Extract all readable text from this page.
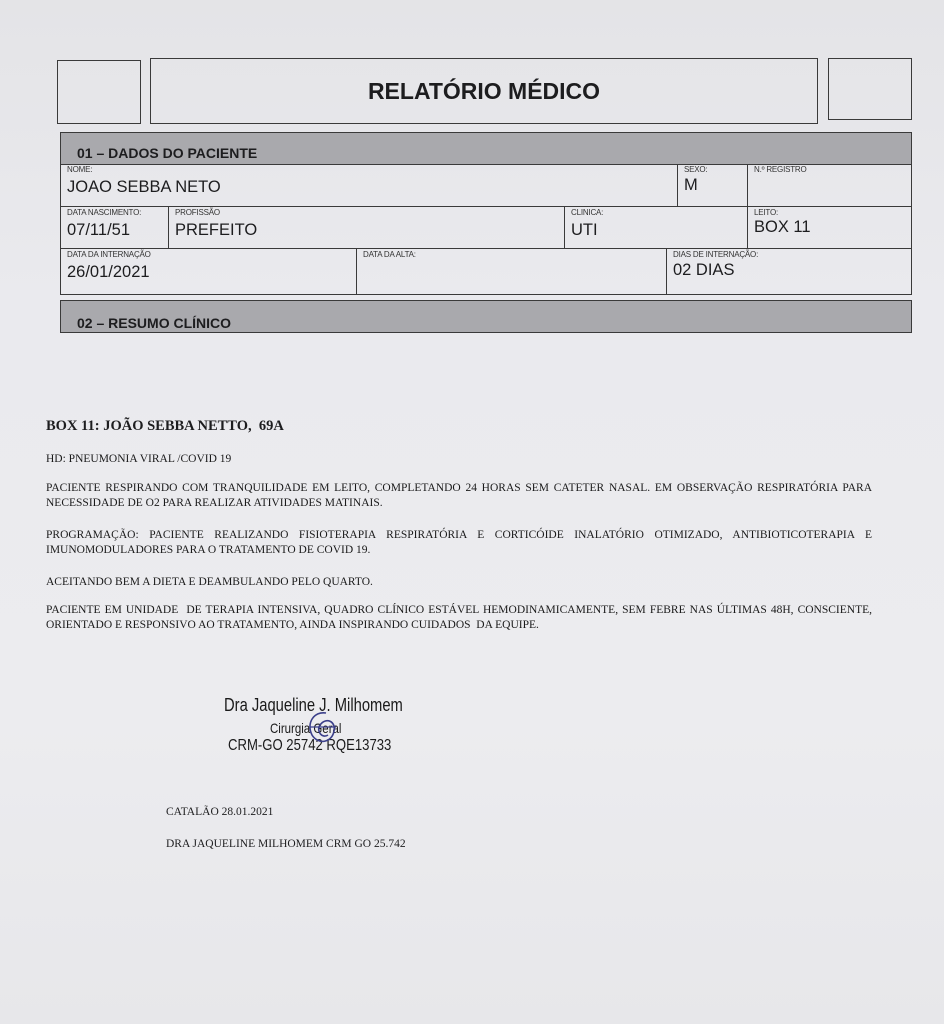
RELATÓRIO MÉDICO
01 – DADOS DO PACIENTE
NOME:
JOAO SEBBA NETO
SEXO:
M
N.º REGISTRO
DATA NASCIMENTO:
07/11/51
PROFISSÃO
PREFEITO
CLINICA:
UTI
LEITO:
BOX 11
DATA DA INTERNAÇÃO
26/01/2021
DATA DA ALTA:	DIAS DE INTERNAÇÃO:
02 DIAS
02 – RESUMO CLÍNICO
BOX 11: JOÃO SEBBA NETTO,  69A
HD: PNEUMONIA VIRAL /COVID 19
PACIENTE RESPIRANDO COM TRANQUILIDADE EM LEITO, COMPLETANDO 24 HORAS SEM CATETER NASAL. EM OBSERVAÇÃO RESPIRATÓRIA PARA NECESSIDADE DE O2 PARA REALIZAR ATIVIDADES MATINAIS.
PROGRAMAÇÃO: PACIENTE REALIZANDO FISIOTERAPIA RESPIRATÓRIA E CORTICÓIDE INALATÓRIO OTIMIZADO, ANTIBIOTICOTERAPIA E IMUNOMODULADORES PARA O TRATAMENTO DE COVID 19.
ACEITANDO BEM A DIETA E DEAMBULANDO PELO QUARTO.
PACIENTE EM UNIDADE  DE TERAPIA INTENSIVA, QUADRO CLÍNICO ESTÁVEL HEMODINAMICAMENTE, SEM FEBRE NAS ÚLTIMAS 48H, CONSCIENTE, ORIENTADO E RESPONSIVO AO TRATAMENTO, AINDA INSPIRANDO CUIDADOS  DA EQUIPE.
Dra Jaqueline J. Milhomem
Cirurgia Geral
CRM-GO 25742 RQE13733
CATALÃO 28.01.2021
DRA JAQUELINE MILHOMEM CRM GO 25.742
